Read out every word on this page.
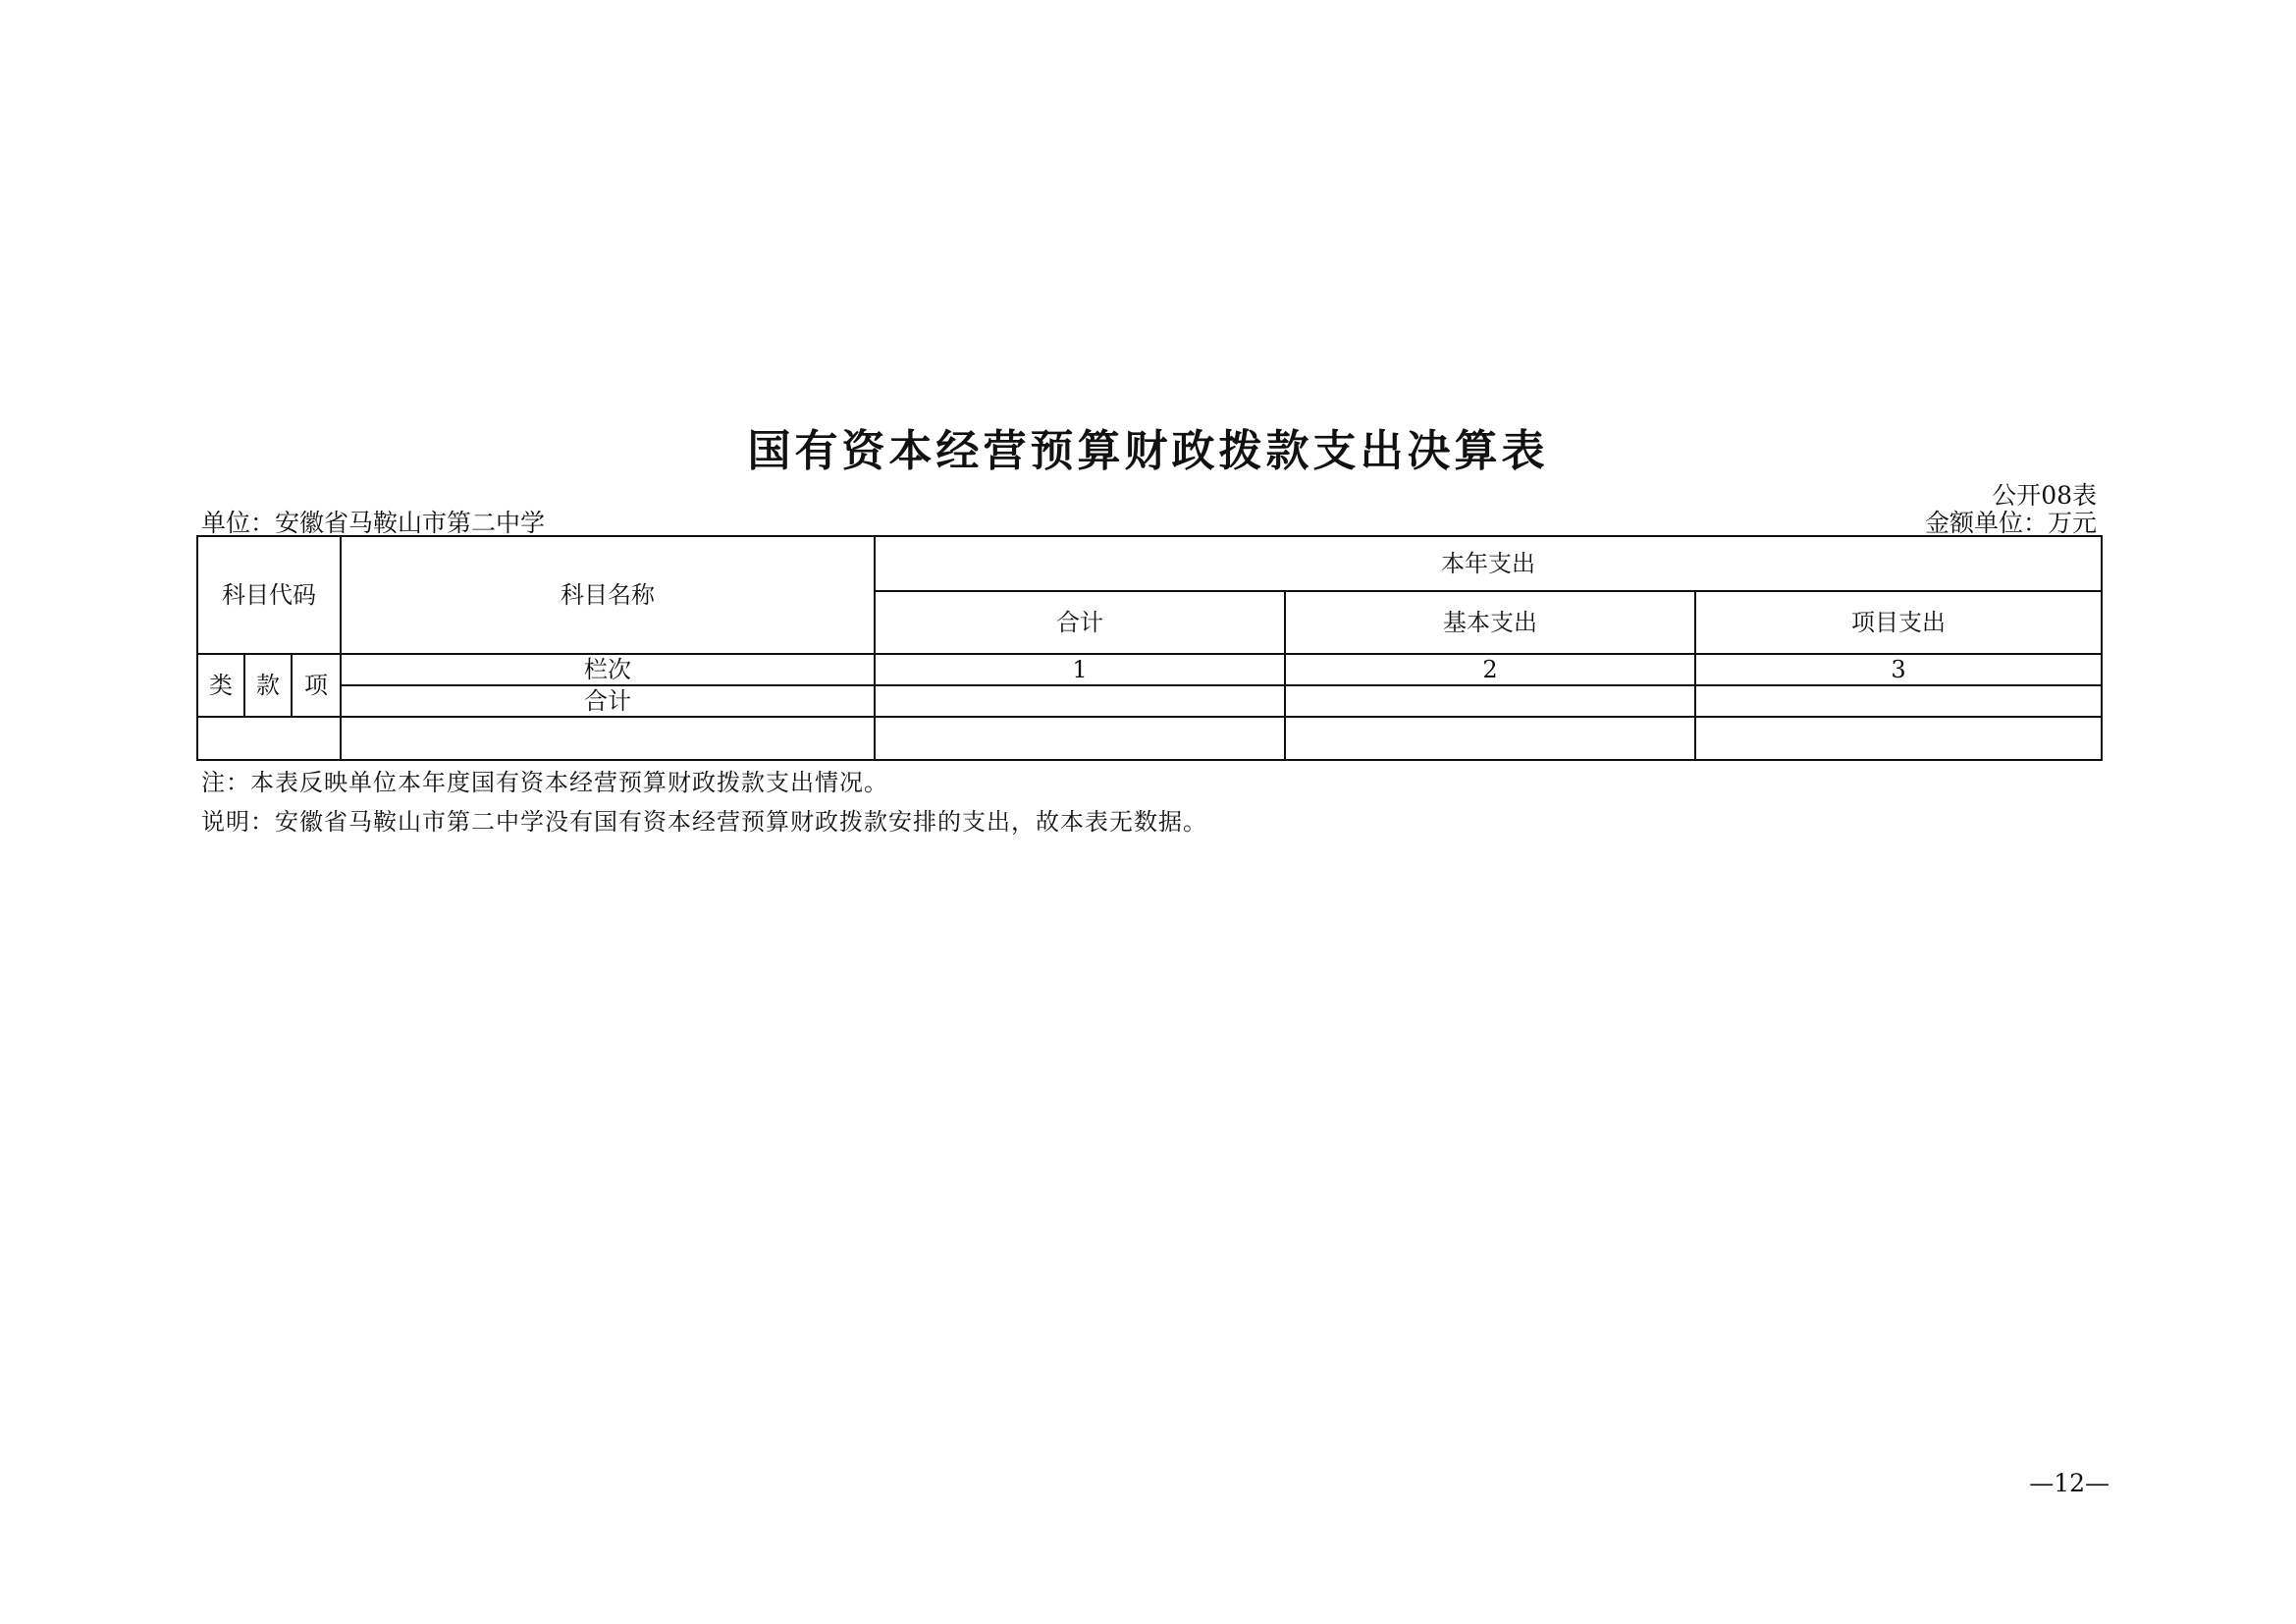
国有资本经营预算财政拨款支出决算表
公开08表
单位：安徽省马鞍山市第二中学	金额单位：万元
科目代码			科目名称	本年支出		
				合计	基本支出	项目支出
类	款	项	栏次	1	2	3
			合计			

注：本表反映单位本年度国有资本经营预算财政拨款支出情况。
说明：安徽省马鞍山市第二中学没有国有资本经营预算财政拨款安排的支出，故本表无数据。
—12—
